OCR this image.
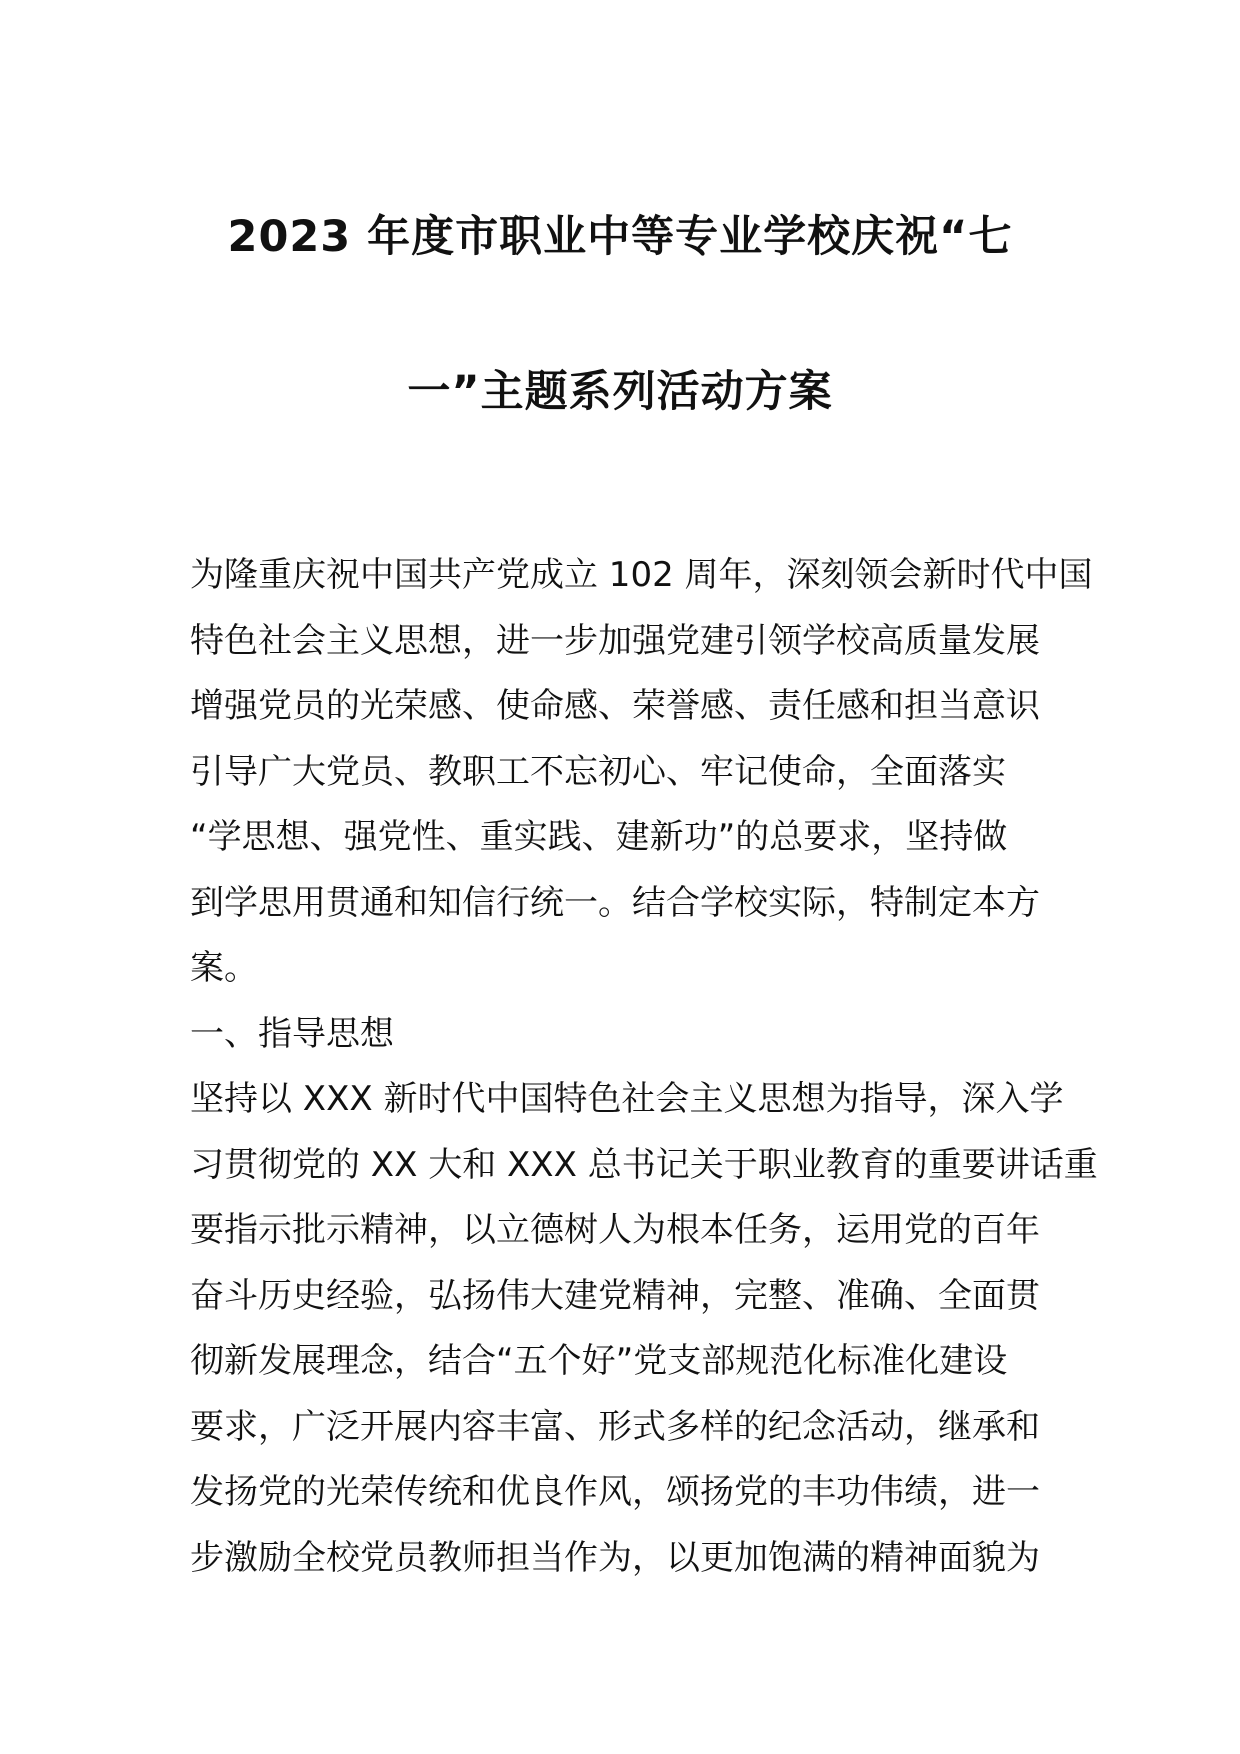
2023 年度市职业中等专业学校庆祝“七
一”主题系列活动方案
为隆重庆祝中国共产党成立 102 周年，深刻领会新时代中国
特色社会主义思想，进一步加强党建引领学校高质量发展
增强党员的光荣感、使命感、荣誉感、责任感和担当意识
引导广大党员、教职工不忘初心、牢记使命，全面落实
“学思想、强党性、重实践、建新功”的总要求，坚持做
到学思用贯通和知信行统一。结合学校实际，特制定本方
案。
一、指导思想
坚持以 XXX 新时代中国特色社会主义思想为指导，深入学
习贯彻党的 XX 大和 XXX 总书记关于职业教育的重要讲话重
要指示批示精神，以立德树人为根本任务，运用党的百年
奋斗历史经验，弘扬伟大建党精神，完整、准确、全面贯
彻新发展理念，结合“五个好”党支部规范化标准化建设
要求，广泛开展内容丰富、形式多样的纪念活动，继承和
发扬党的光荣传统和优良作风，颂扬党的丰功伟绩，进一
步激励全校党员教师担当作为，以更加饱满的精神面貌为
